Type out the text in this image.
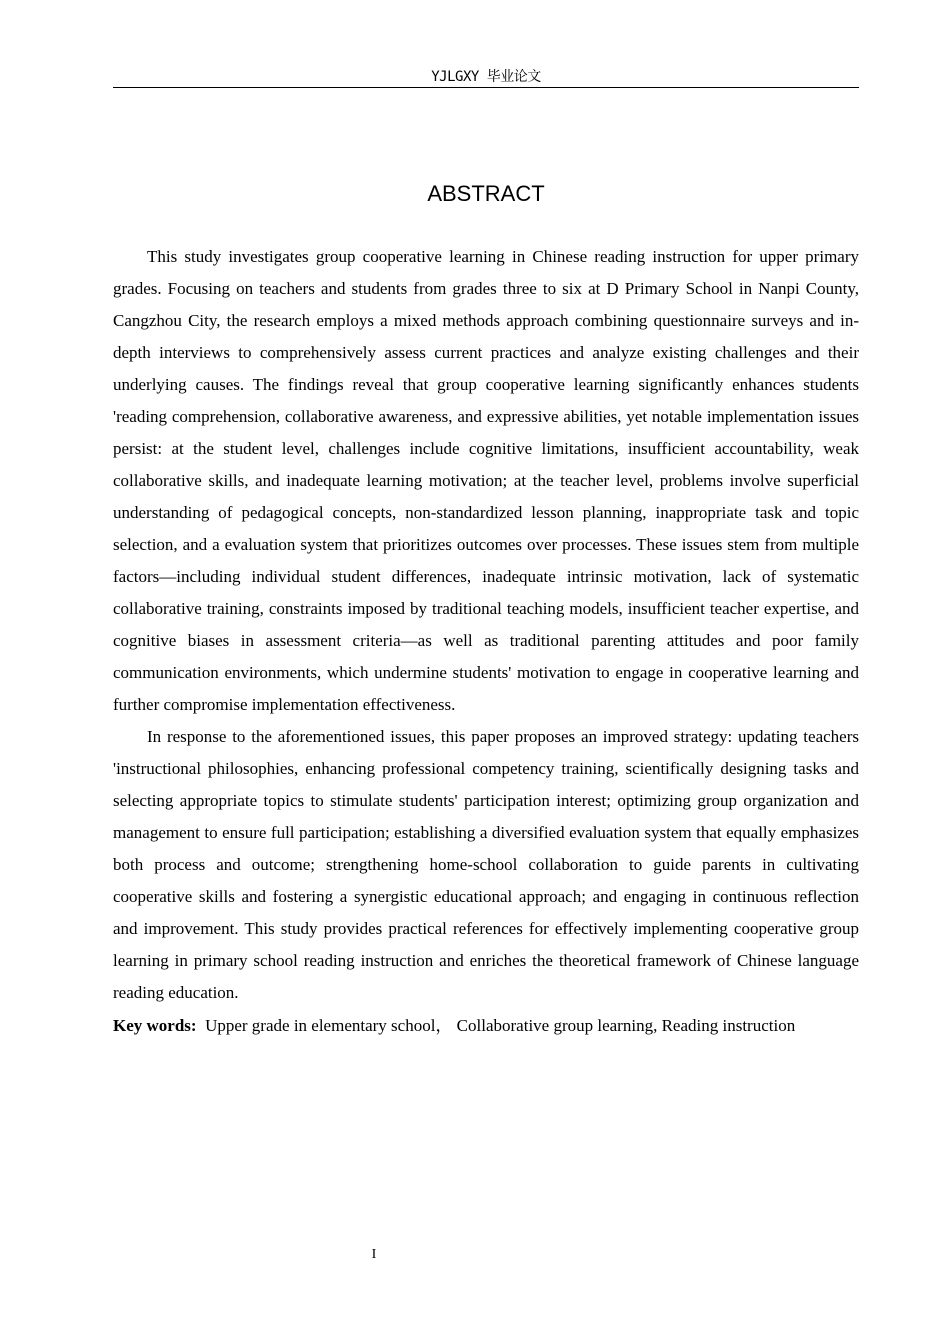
YJLGXY 毕业论文
ABSTRACT

This study investigates group cooperative learning in Chinese reading instruction for upper primary grades. Focusing on teachers and students from grades three to six at D Primary School in Nanpi County, Cangzhou City, the research employs a mixed methods approach combining questionnaire surveys and in-depth interviews to comprehensively assess current practices and analyze existing challenges and their underlying causes. The findings reveal that group cooperative learning significantly enhances students 'reading comprehension, collaborative awareness, and expressive abilities, yet notable implementation issues persist: at the student level, challenges include cognitive limitations, insufficient accountability, weak collaborative skills, and inadequate learning motivation; at the teacher level, problems involve superficial understanding of pedagogical concepts, non-standardized lesson planning, inappropriate task and topic selection, and a evaluation system that prioritizes outcomes over processes. These issues stem from multiple factors—including individual student differences, inadequate intrinsic motivation, lack of systematic collaborative training, constraints imposed by traditional teaching models, insufficient teacher expertise, and cognitive biases in assessment criteria—as well as traditional parenting attitudes and poor family communication environments, which undermine students' motivation to engage in cooperative learning and further compromise implementation effectiveness.

In response to the aforementioned issues, this paper proposes an improved strategy: updating teachers 'instructional philosophies, enhancing professional competency training, scientifically designing tasks and selecting appropriate topics to stimulate students' participation interest; optimizing group organization and management to ensure full participation; establishing a diversified evaluation system that equally emphasizes both process and outcome; strengthening home-school collaboration to guide parents in cultivating cooperative skills and fostering a synergistic educational approach; and engaging in continuous reflection and improvement. This study provides practical references for effectively implementing cooperative group learning in primary school reading instruction and enriches the theoretical framework of Chinese language reading education.

Key words: Upper grade in elementary school， Collaborative group learning, Reading instruction

I
